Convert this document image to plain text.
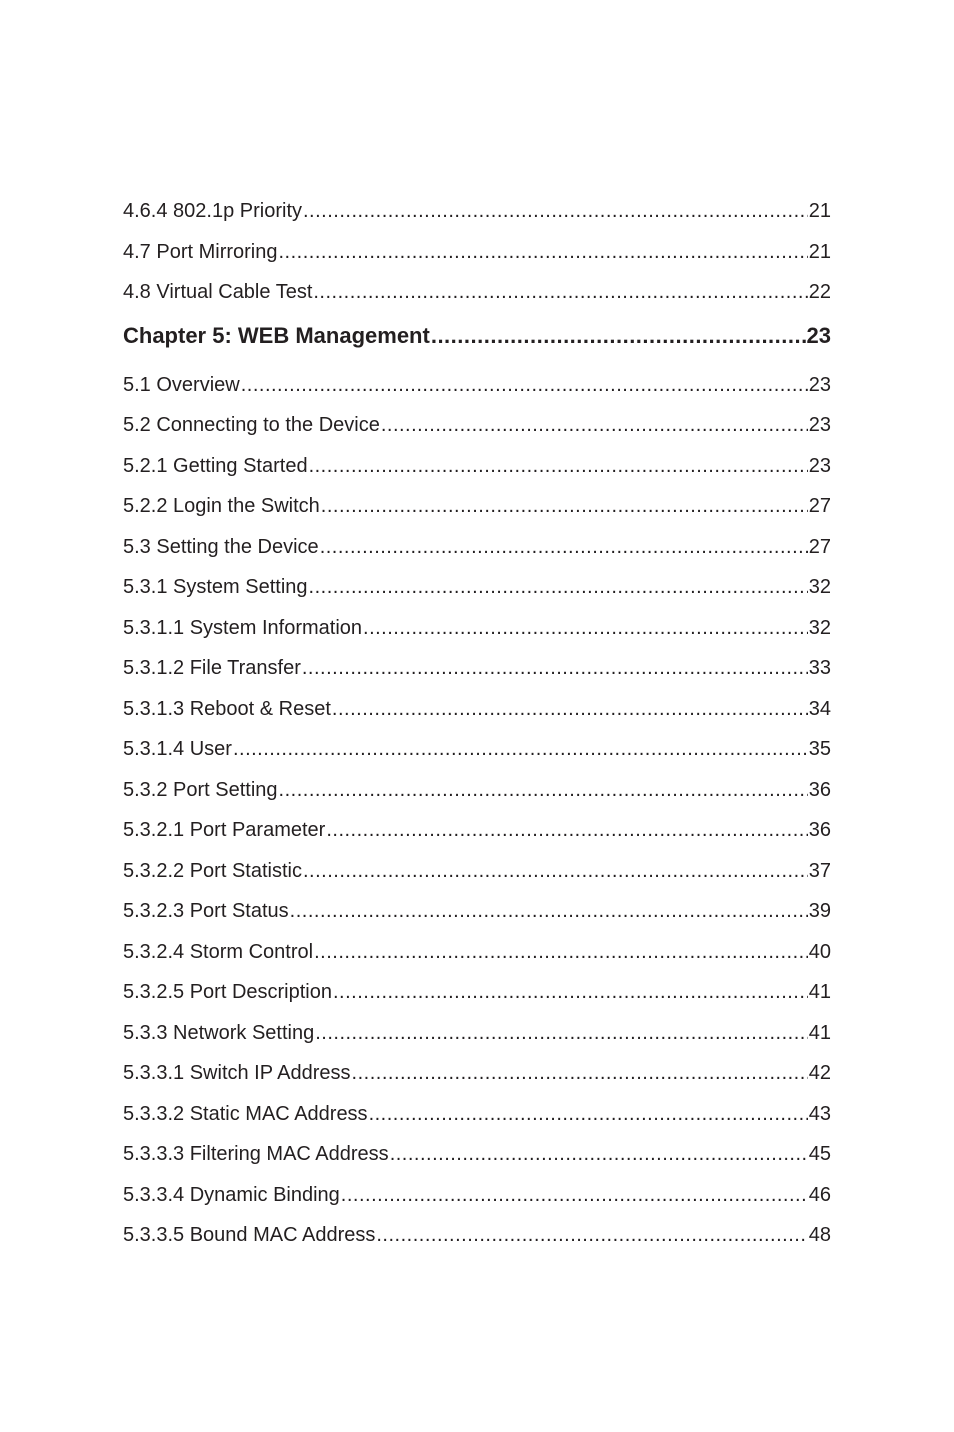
4.6.4 802.1p Priority .....	21
4.7 Port Mirroring .....	21
4.8 Virtual Cable Test .....	22
Chapter 5: WEB Management .....	23
5.1 Overview .....	23
5.2 Connecting to the Device .....	23
5.2.1 Getting Started .....	23
5.2.2 Login the Switch .....	27
5.3 Setting the Device .....	27
5.3.1 System Setting .....	32
5.3.1.1 System Information .....	32
5.3.1.2 File Transfer .....	33
5.3.1.3 Reboot & Reset .....	34
5.3.1.4 User .....	35
5.3.2 Port Setting .....	36
5.3.2.1 Port Parameter .....	36
5.3.2.2 Port Statistic .....	37
5.3.2.3 Port Status .....	39
5.3.2.4 Storm Control .....	40
5.3.2.5 Port Description .....	41
5.3.3 Network Setting .....	41
5.3.3.1 Switch IP Address .....	42
5.3.3.2 Static MAC Address .....	43
5.3.3.3 Filtering MAC Address .....	45
5.3.3.4 Dynamic Binding .....	46
5.3.3.5 Bound MAC Address .....	48
